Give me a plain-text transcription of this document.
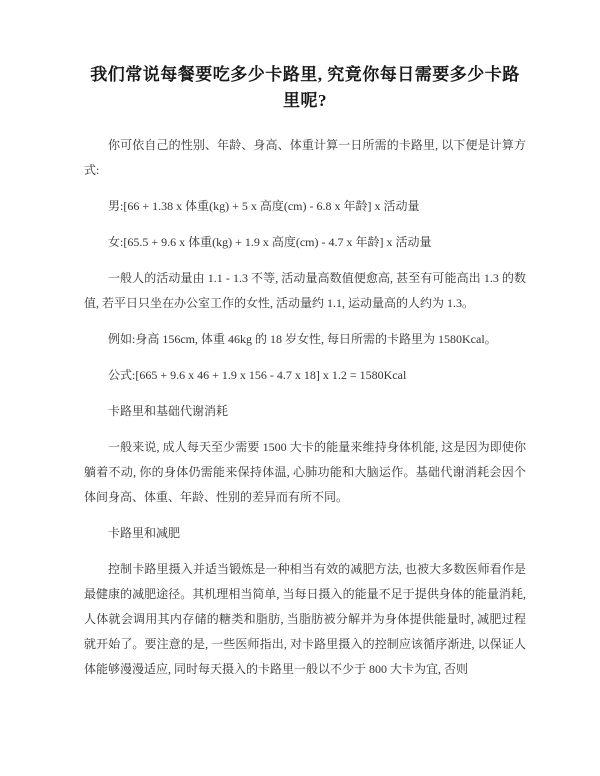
我们常说每餐要吃多少卡路里, 究竟你每日需要多少卡路里呢?

你可依自己的性别、年龄、身高、体重计算一日所需的卡路里, 以下便是计算方式:

男:[66 + 1.38 x 体重(kg) + 5 x 高度(cm) - 6.8 x 年龄] x 活动量

女:[65.5 + 9.6 x 体重(kg) + 1.9 x 高度(cm) - 4.7 x 年龄] x 活动量

一般人的活动量由 1.1 - 1.3 不等, 活动量高数值便愈高, 甚至有可能高出 1.3 的数值, 若平日只坐在办公室工作的女性, 活动量约 1.1, 运动量高的人约为 1.3。

例如:身高 156cm, 体重 46kg 的 18 岁女性, 每日所需的卡路里为 1580Kcal。

公式:[665 + 9.6 x 46 + 1.9 x 156 - 4.7 x 18] x 1.2 = 1580Kcal

卡路里和基础代谢消耗

一般来说, 成人每天至少需要 1500 大卡的能量来维持身体机能, 这是因为即使你躺着不动, 你的身体仍需能来保持体温, 心肺功能和大脑运作。基础代谢消耗会因个体间身高、体重、年龄、性别的差异而有所不同。

卡路里和减肥

控制卡路里摄入并适当锻炼是一种相当有效的减肥方法, 也被大多数医师看作是最健康的减肥途径。其机理相当简单, 当每日摄入的能量不足于提供身体的能量消耗, 人体就会调用其内存储的糖类和脂肪, 当脂肪被分解并为身体提供能量时, 减肥过程就开始了。要注意的是, 一些医师指出, 对卡路里摄入的控制应该循序渐进, 以保证人体能够漫漫适应, 同时每天摄入的卡路里一般以不少于 800 大卡为宜, 否则
